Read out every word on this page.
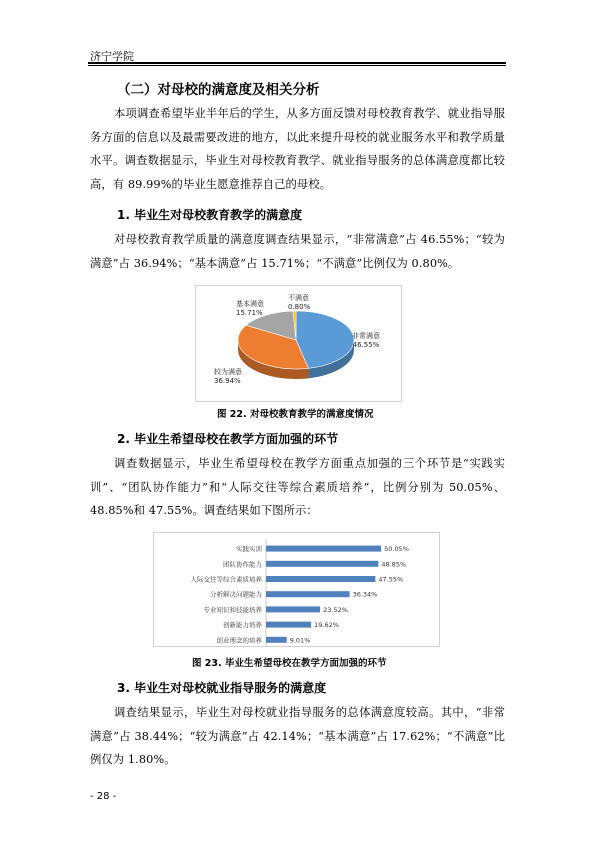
济宁学院
（二）对母校的满意度及相关分析
本项调查希望毕业半年后的学生，从多方面反馈对母校教育教学、就业指导服务方面的信息以及最需要改进的地方，以此来提升母校的就业服务水平和教学质量水平。调查数据显示，毕业生对母校教育教学、就业指导服务的总体满意度都比较高，有 89.99%的毕业生愿意推荐自己的母校。
1. 毕业生对母校教育教学的满意度
对母校教育教学质量的满意度调查结果显示，“非常满意”占 46.55%；“较为满意”占 36.94%；“基本满意”占 15.71%；“不满意”比例仅为 0.80%。
非常满意
46.55%
较为满意
36.94%
基本满意
15.71%
不满意
0.80%
图 22. 对母校教育教学的满意度情况
2. 毕业生希望母校在教学方面加强的环节
调查数据显示，毕业生希望母校在教学方面重点加强的三个环节是“实践实训”、“团队协作能力”和“人际交往等综合素质培养”，比例分别为 50.05%、48.85%和 47.55%。调查结果如下图所示：
实践实训	50.05%
团队协作能力	48.85%
人际交往等综合素质培养	47.55%
分析解决问题能力	36.34%
专业知识和技能培养	23.52%
创新能力培养	19.62%
创业理念的培养	9.01%
图 23. 毕业生希望母校在教学方面加强的环节
3. 毕业生对母校就业指导服务的满意度
调查结果显示，毕业生对母校就业指导服务的总体满意度较高。其中，“非常满意”占 38.44%；“较为满意”占 42.14%；“基本满意”占 17.62%；“不满意”比例仅为 1.80%。
- 28 -
